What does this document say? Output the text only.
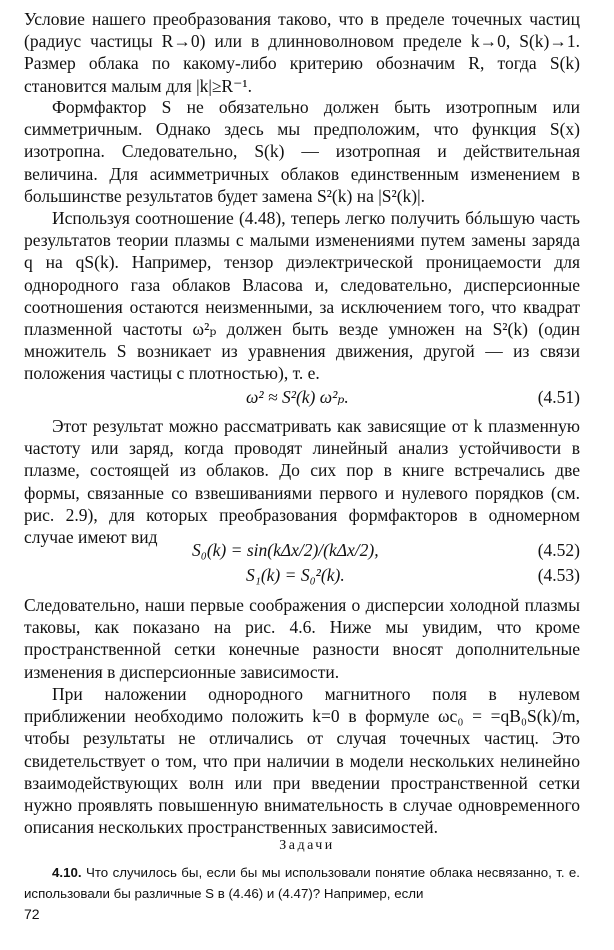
Условие нашего преобразования таково, что в пределе точечных частиц (радиус частицы R→0) или в длинноволновом пределе k→0, S(k)→1. Размер облака по какому-либо критерию обозначим R, тогда S(k) становится малым для |k|≥R⁻¹.

Формфактор S не обязательно должен быть изотропным или симметричным. Однако здесь мы предположим, что функция S(x) изотропна. Следовательно, S(k) — изотропная и действительная величина. Для асимметричных облаков единственным изменением в большинстве результатов будет замена S²(k) на |S²(k)|.

Используя соотношение (4.48), теперь легко получить бóльшую часть результатов теории плазмы с малыми изменениями путем замены заряда q на qS(k). Например, тензор диэлектрической проницаемости для однородного газа облаков Власова и, следовательно, дисперсионные соотношения остаются неизменными, за исключением того, что квадрат плазменной частоты ω²ₚ должен быть везде умножен на S²(k) (один множитель S возникает из уравнения движения, другой — из связи положения частицы с плотностью), т. е.

ω² ≈ S²(k) ω²ₚ.	(4.51)

Этот результат можно рассматривать как зависящие от k плазменную частоту или заряд, когда проводят линейный анализ устойчивости в плазме, состоящей из облаков. До сих пор в книге встречались две формы, связанные со взвешиваниями первого и нулевого порядков (см. рис. 2.9), для которых преобразования формфакторов в одномерном случае имеют вид

S₀(k) = sin(kΔx/2)/(kΔx/2),	(4.52)
S₁(k) = S₀²(k).	(4.53)

Следовательно, наши первые соображения о дисперсии холодной плазмы таковы, как показано на рис. 4.6. Ниже мы увидим, что кроме пространственной сетки конечные разности вносят дополнительные изменения в дисперсионные зависимости.

При наложении однородного магнитного поля в нулевом приближении необходимо положить k=0 в формуле ωc₀ = =qB₀S(k)/m, чтобы результаты не отличались от случая точечных частиц. Это свидетельствует о том, что при наличии в модели нескольких нелинейно взаимодействующих волн или при введении пространственной сетки нужно проявлять повышенную внимательность в случае одновременного описания нескольких пространственных зависимостей.

Задачи

4.10. Что случилось бы, если бы мы использовали понятие облака несвязанно, т. е. использовали бы различные S в (4.46) и (4.47)? Например, если

72
